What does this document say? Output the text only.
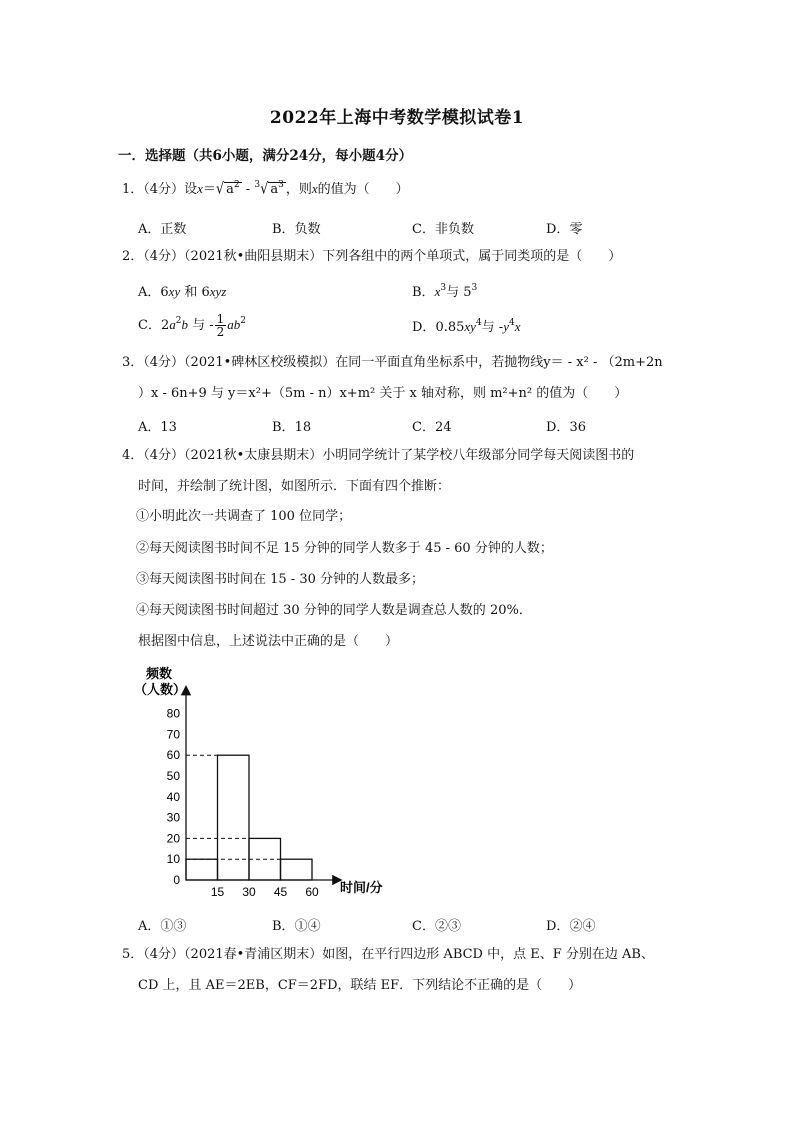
2022年上海中考数学模拟试卷1
一．选择题（共6小题，满分24分，每小题4分）
1．（4分）设x＝√ $a^2 - ^3√$ $a^3$ ，则x的值为（　　）
A．正数	B．负数	C．非负数	D．零
2．（4分）（2021秋•曲阳县期末）下列各组中的两个单项式，属于同类项的是（　　）
A．6xy 和 6xyz	B．$x^3$与 $5^3$
C．$2a^2b$ 与 - $\frac{1}{2} ab^2$	D．$0.85xy^4$与 $-y^4x$
3．（4分）（2021•碑林区校级模拟）在同一平面直角坐标系中，若抛物线y＝ - x² - （2m+2n
）x - 6n+9 与 y＝x²+（5m - n）x+m² 关于 x 轴对称，则 m²+n² 的值为（　　）
A．13	B．18	C．24	D．36
4．（4分）（2021秋•太康县期末）小明同学统计了某学校八年级部分同学每天阅读图书的
时间，并绘制了统计图，如图所示．下面有四个推断：
①小明此次一共调查了 100 位同学；
②每天阅读图书时间不足 15 分钟的同学人数多于 45 - 60 分钟的人数；
③每天阅读图书时间在 15 - 30 分钟的人数最多；
④每天阅读图书时间超过 30 分钟的同学人数是调查总人数的 20%．
根据图中信息，上述说法中正确的是（　　）
频数
（人数）
时间/分
0
10
20
30
40
50
60
70
80
15 30 45 60
A．①③	B．①④	C．②③	D．②④
5．（4分）（2021春•青浦区期末）如图，在平行四边形 ABCD 中，点 E、F 分别在边 AB、
CD 上，且 AE＝2EB，CF＝2FD，联结 EF．下列结论不正确的是（　　）
